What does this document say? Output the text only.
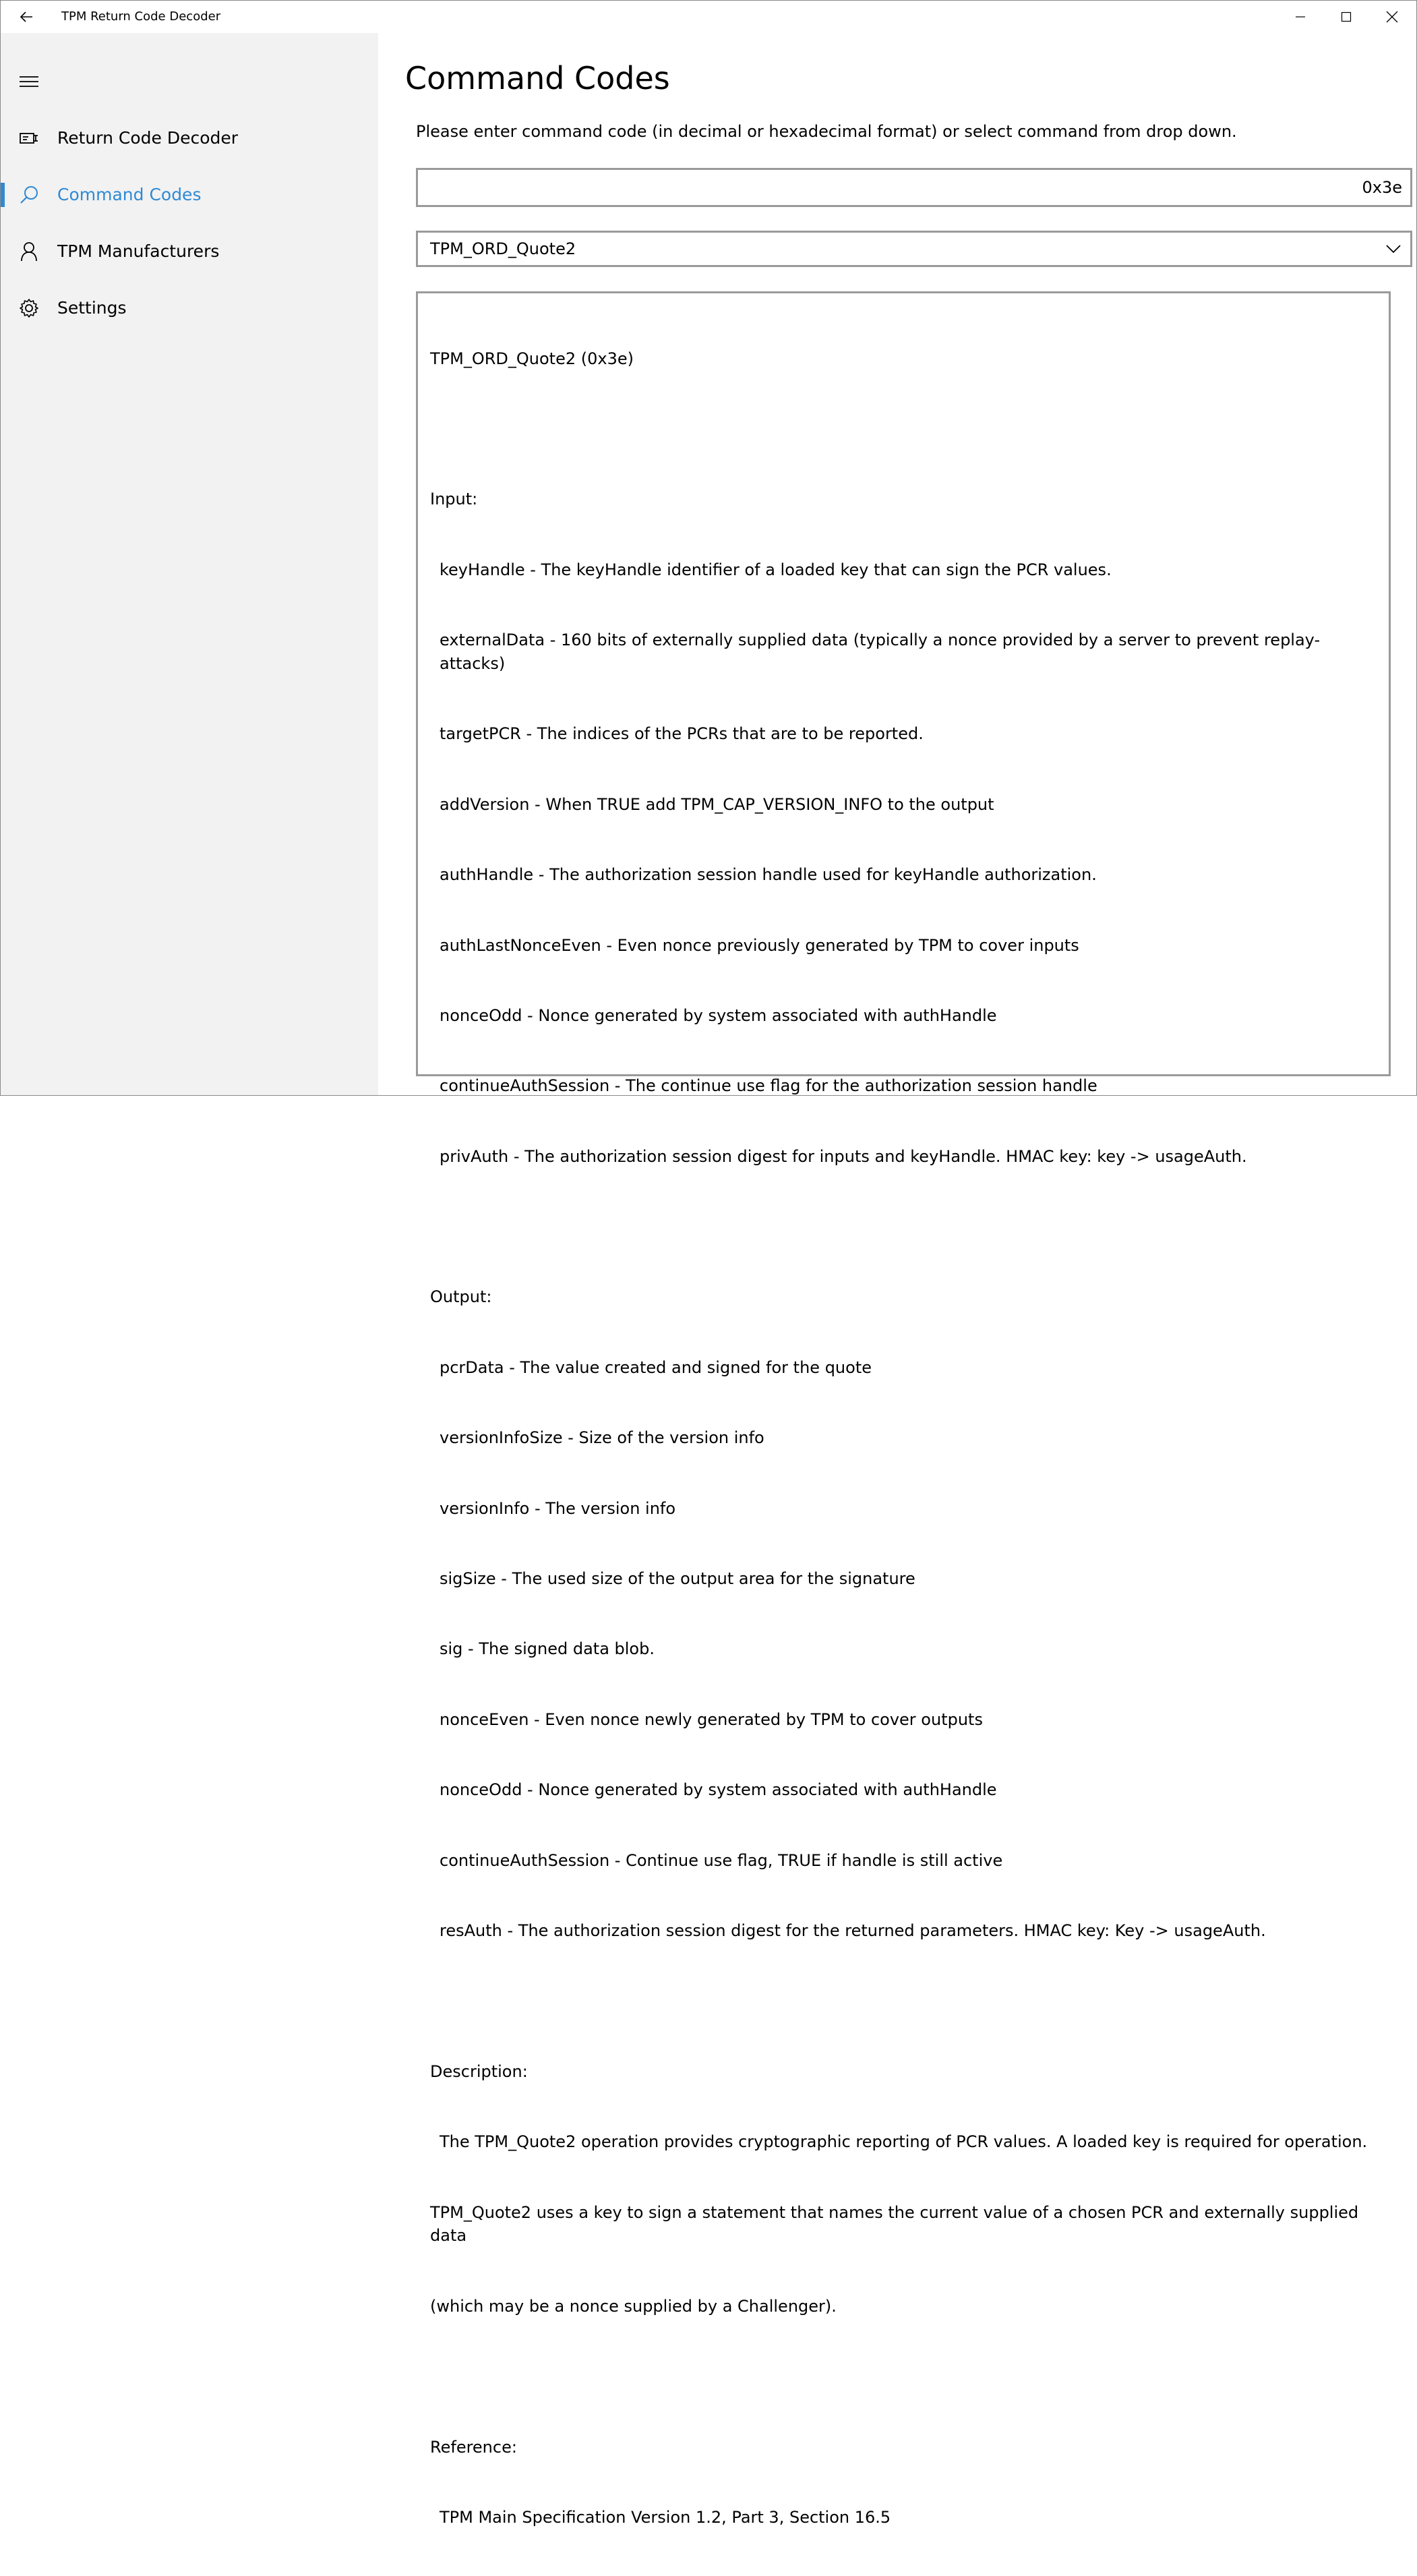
TPM Return Code Decoder
Return Code Decoder
Command Codes
TPM Manufacturers
Settings
Command Codes
Please enter command code (in decimal or hexadecimal format) or select command from drop down.
0x3e
TPM_ORD_Quote2

TPM_ORD_Quote2 (0x3e)

Input:

keyHandle - The keyHandle identifier of a loaded key that can sign the PCR values.

externalData - 160 bits of externally supplied data (typically a nonce provided by a server to prevent replay-attacks)

targetPCR - The indices of the PCRs that are to be reported.

addVersion - When TRUE add TPM_CAP_VERSION_INFO to the output

authHandle - The authorization session handle used for keyHandle authorization.

authLastNonceEven - Even nonce previously generated by TPM to cover inputs

nonceOdd - Nonce generated by system associated with authHandle

continueAuthSession - The continue use flag for the authorization session handle

privAuth - The authorization session digest for inputs and keyHandle. HMAC key: key -> usageAuth.

Output:

pcrData - The value created and signed for the quote

versionInfoSize - Size of the version info

versionInfo - The version info

sigSize - The used size of the output area for the signature

sig - The signed data blob.

nonceEven - Even nonce newly generated by TPM to cover outputs

nonceOdd - Nonce generated by system associated with authHandle

continueAuthSession - Continue use flag, TRUE if handle is still active

resAuth - The authorization session digest for the returned parameters. HMAC key: Key -> usageAuth.

Description:

The TPM_Quote2 operation provides cryptographic reporting of PCR values. A loaded key is required for operation.

TPM_Quote2 uses a key to sign a statement that names the current value of a chosen PCR and externally supplied data

(which may be a nonce supplied by a Challenger).

Reference:

TPM Main Specification Version 1.2, Part 3, Section 16.5
